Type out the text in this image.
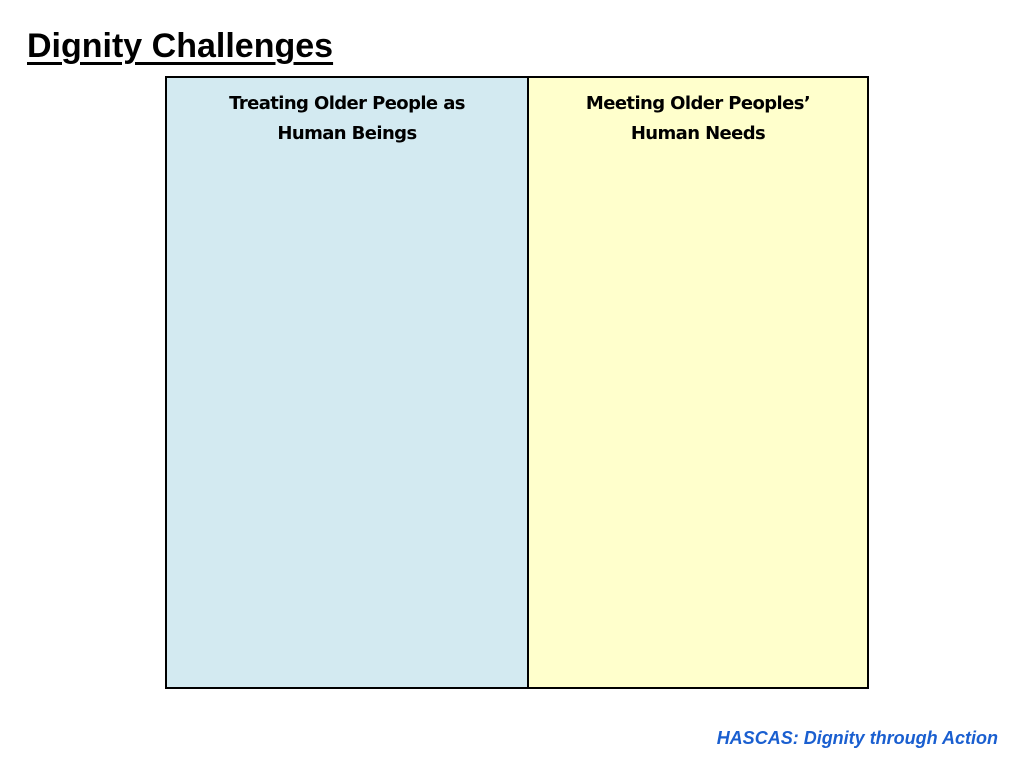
Dignity Challenges
Treating Older People as
Human Beings
Meeting Older Peoples’
Human Needs
HASCAS: Dignity through Action
